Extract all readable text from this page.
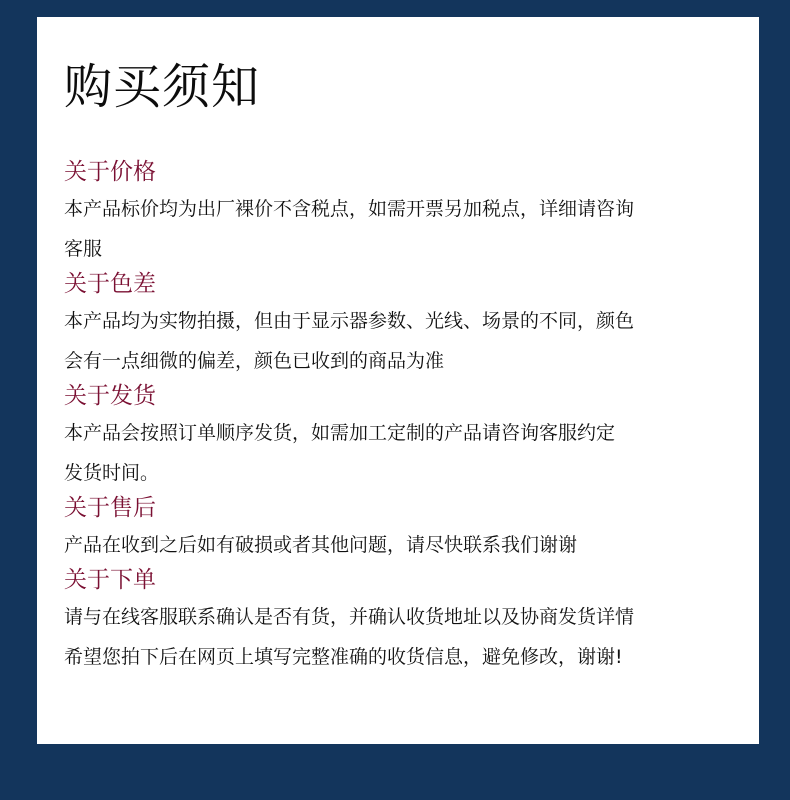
购买须知
关于价格

本产品标价均为出厂裸价不含税点，如需开票另加税点，详细请咨询
客服

关于色差

本产品均为实物拍摄，但由于显示器参数、光线、场景的不同，颜色
会有一点细微的偏差，颜色已收到的商品为准

关于发货

本产品会按照订单顺序发货，如需加工定制的产品请咨询客服约定
发货时间。

关于售后

产品在收到之后如有破损或者其他问题，请尽快联系我们谢谢

关于下单

请与在线客服联系确认是否有货，并确认收货地址以及协商发货详情
希望您拍下后在网页上填写完整准确的收货信息，避免修改，谢谢!
